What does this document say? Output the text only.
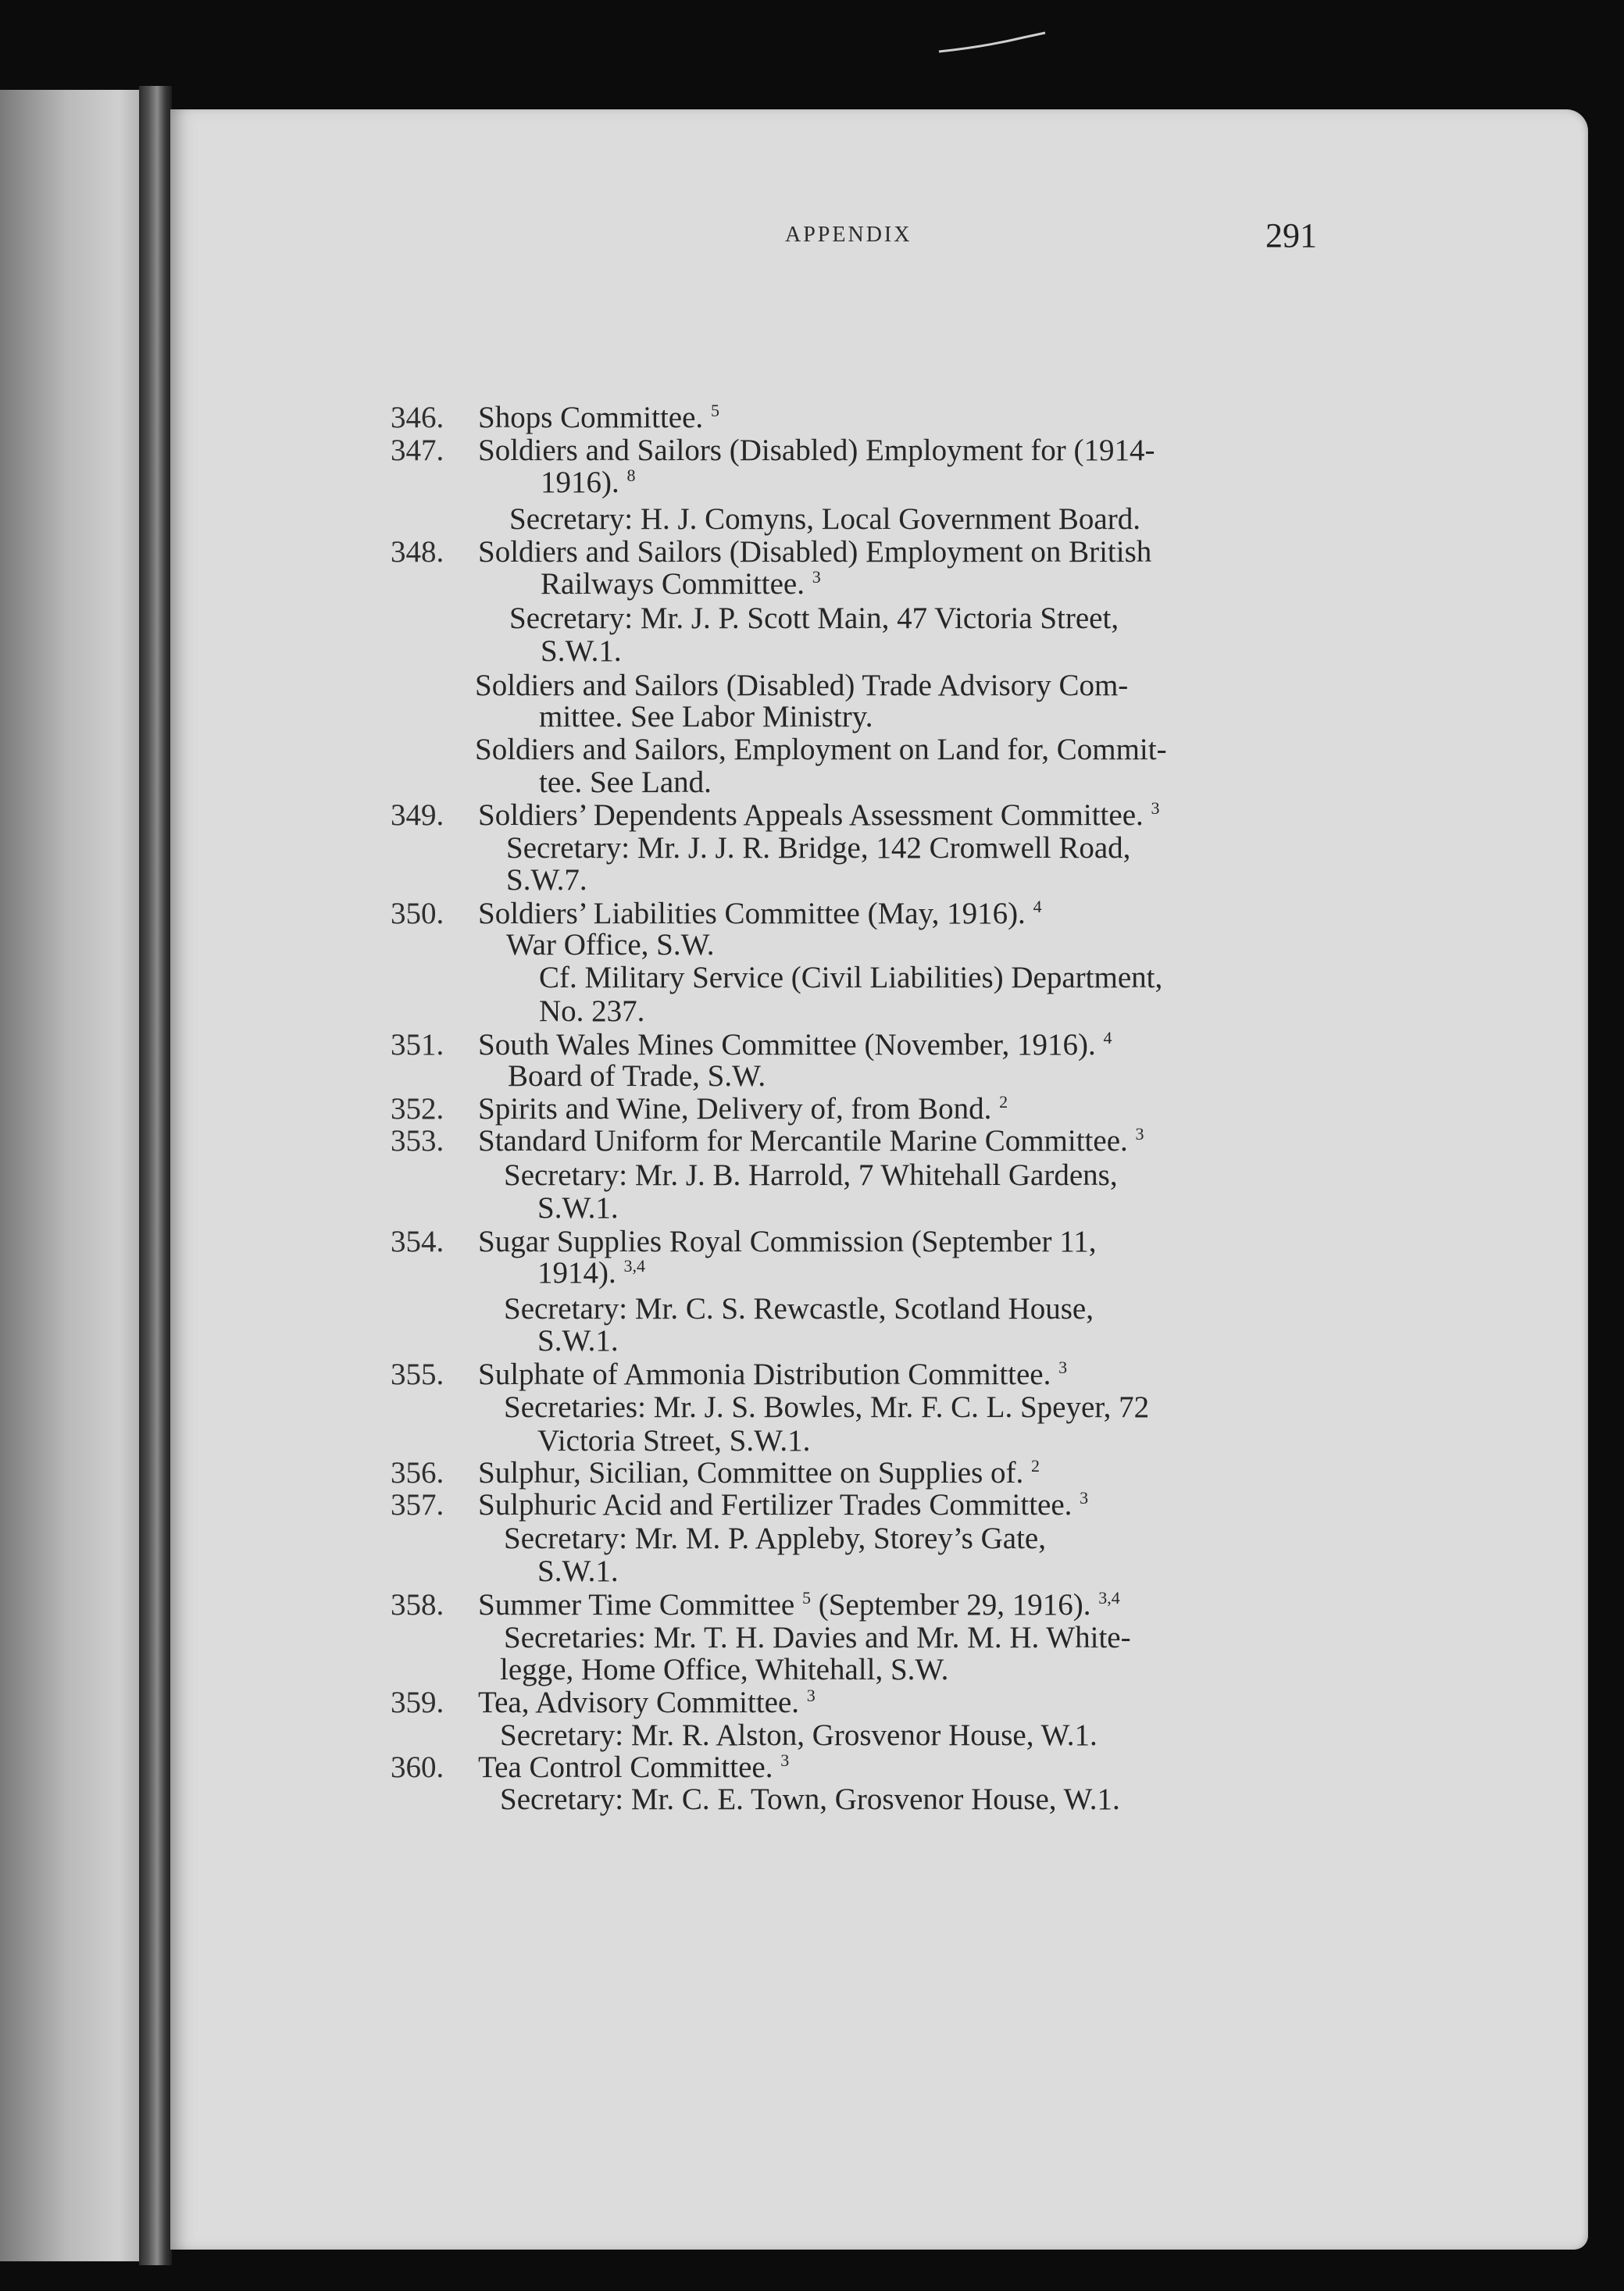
APPENDIX	291
346. Shops Committee. $^5$
347. Soldiers and Sailors (Disabled) Employment for (1914-
1916). $^8$
Secretary: H. J. Comyns, Local Government Board.
348. Soldiers and Sailors (Disabled) Employment on British
Railways Committee. $^3$
Secretary: Mr. J. P. Scott Main, 47 Victoria Street,
S.W.1.
Soldiers and Sailors (Disabled) Trade Advisory Com-
mittee. See Labor Ministry.
Soldiers and Sailors, Employment on Land for, Commit-
tee. See Land.
349. Soldiers’ Dependents Appeals Assessment Committee. $^3$
Secretary: Mr. J. J. R. Bridge, 142 Cromwell Road,
S.W.7.
350. Soldiers’ Liabilities Committee (May, 1916). $^4$
War Office, S.W.
Cf. Military Service (Civil Liabilities) Department,
No. 237.
351. South Wales Mines Committee (November, 1916). $^4$
Board of Trade, S.W.
352. Spirits and Wine, Delivery of, from Bond. $^2$
353. Standard Uniform for Mercantile Marine Committee. $^3$
Secretary: Mr. J. B. Harrold, 7 Whitehall Gardens,
S.W.1.
354. Sugar Supplies Royal Commission (September 11,
1914). $^{3,4}$
Secretary: Mr. C. S. Rewcastle, Scotland House,
S.W.1.
355. Sulphate of Ammonia Distribution Committee. $^3$
Secretaries: Mr. J. S. Bowles, Mr. F. C. L. Speyer, 72
Victoria Street, S.W.1.
356. Sulphur, Sicilian, Committee on Supplies of. $^2$
357. Sulphuric Acid and Fertilizer Trades Committee. $^3$
Secretary: Mr. M. P. Appleby, Storey’s Gate,
S.W.1.
358. Summer Time Committee $^5$ (September 29, 1916). $^{3,4}$
Secretaries: Mr. T. H. Davies and Mr. M. H. White-
legge, Home Office, Whitehall, S.W.
359. Tea, Advisory Committee. $^3$
Secretary: Mr. R. Alston, Grosvenor House, W.1.
360. Tea Control Committee. $^3$
Secretary: Mr. C. E. Town, Grosvenor House, W.1.
